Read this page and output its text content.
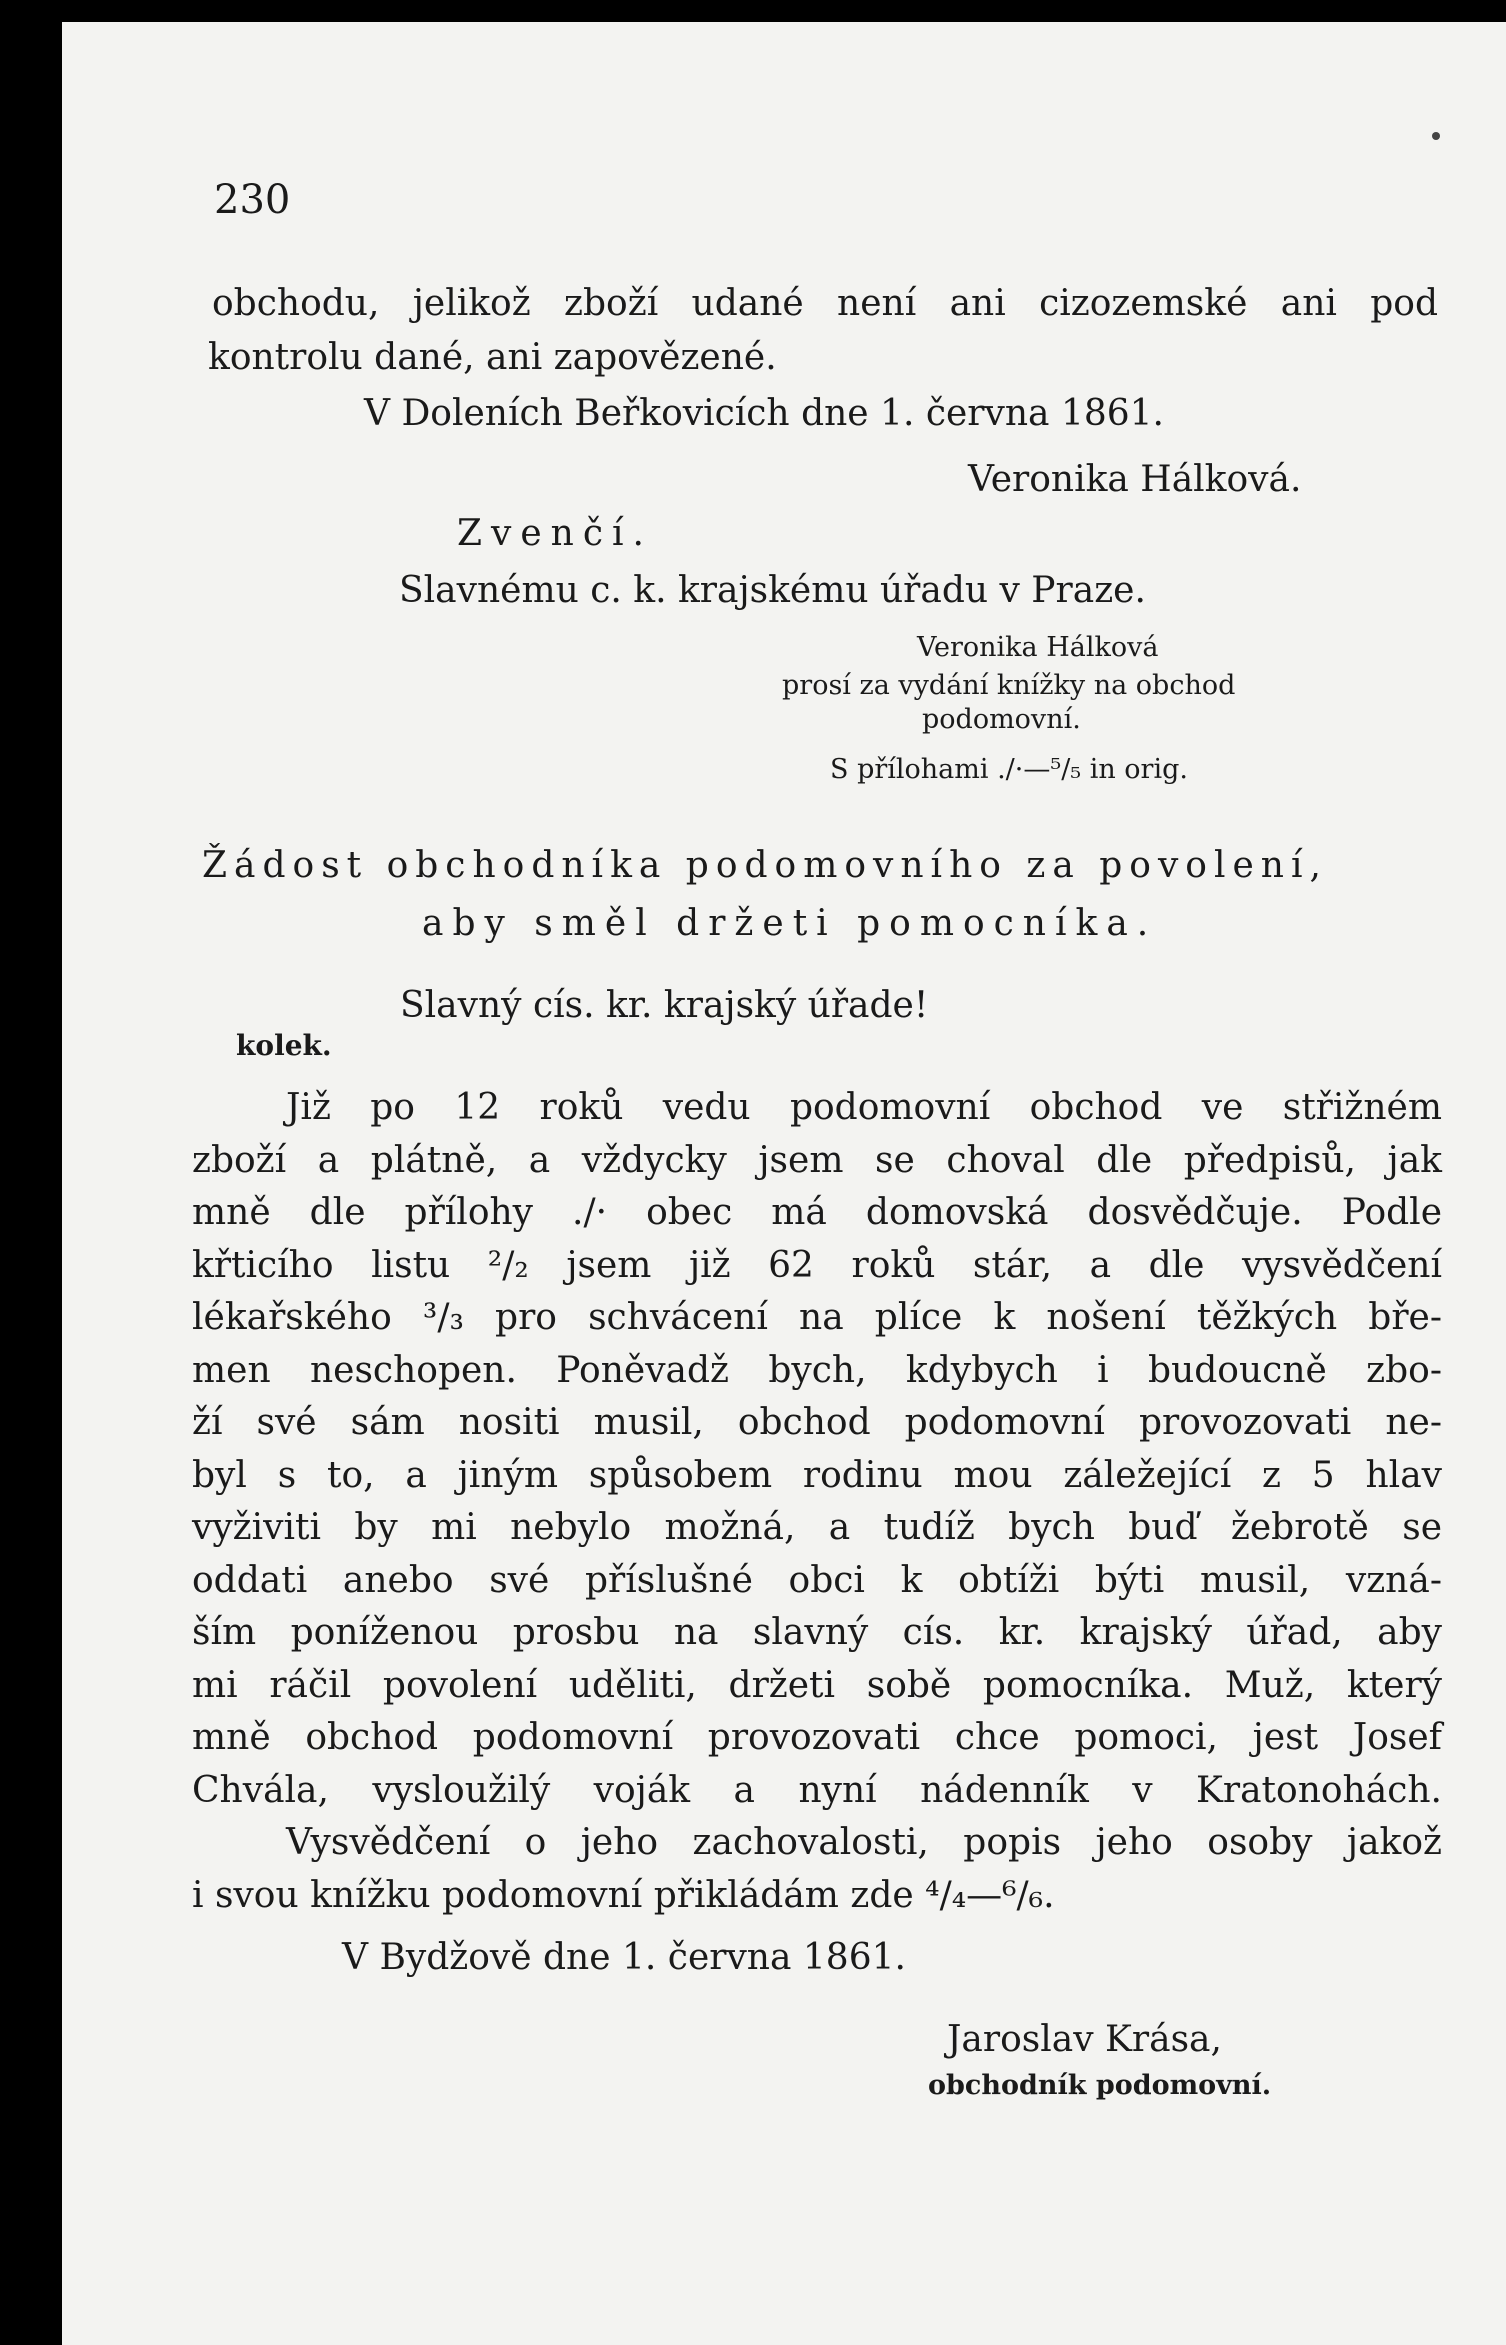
230
obchodu, jelikož zboží udané není ani cizozemské ani pod
kontrolu dané, ani zapovězené.
V Doleních Beřkovicích dne 1. června 1861.
Veronika Hálková.
Zvenčí.
Slavnému c. k. krajskému úřadu v Praze.
Veronika Hálková
prosí za vydání knížky na obchod
podomovní.
S přílohami ./·—⁵/₅ in orig.
Žádost obchodníka podomovního za povolení,
aby směl držeti pomocníka.
Slavný cís. kr. krajský úřade!
kolek.
Již po 12 roků vedu podomovní obchod ve střižném
zboží a plátně, a vždycky jsem se choval dle předpisů, jak
mně dle přílohy ./· obec má domovská dosvědčuje. Podle
křticího listu ²/₂ jsem již 62 roků stár, a dle vysvědčení
lékařského ³/₃ pro schvácení na plíce k nošení těžkých bře-
men neschopen. Poněvadž bych, kdybych i budoucně zbo-
ží své sám nositi musil, obchod podomovní provozovati ne-
byl s to, a jiným spůsobem rodinu mou záležející z 5 hlav
vyživiti by mi nebylo možná, a tudíž bych buď žebrotě se
oddati anebo své příslušné obci k obtíži býti musil, vzná-
ším poníženou prosbu na slavný cís. kr. krajský úřad, aby
mi ráčil povolení uděliti, držeti sobě pomocníka. Muž, který
mně obchod podomovní provozovati chce pomoci, jest Josef
Chvála, vysloužilý voják a nyní nádenník v Kratonohách.
Vysvědčení o jeho zachovalosti, popis jeho osoby jakož
i svou knížku podomovní přikládám zde ⁴/₄—⁶/₆.
V Bydžově dne 1. června 1861.
Jaroslav Krása,
obchodník podomovní.
